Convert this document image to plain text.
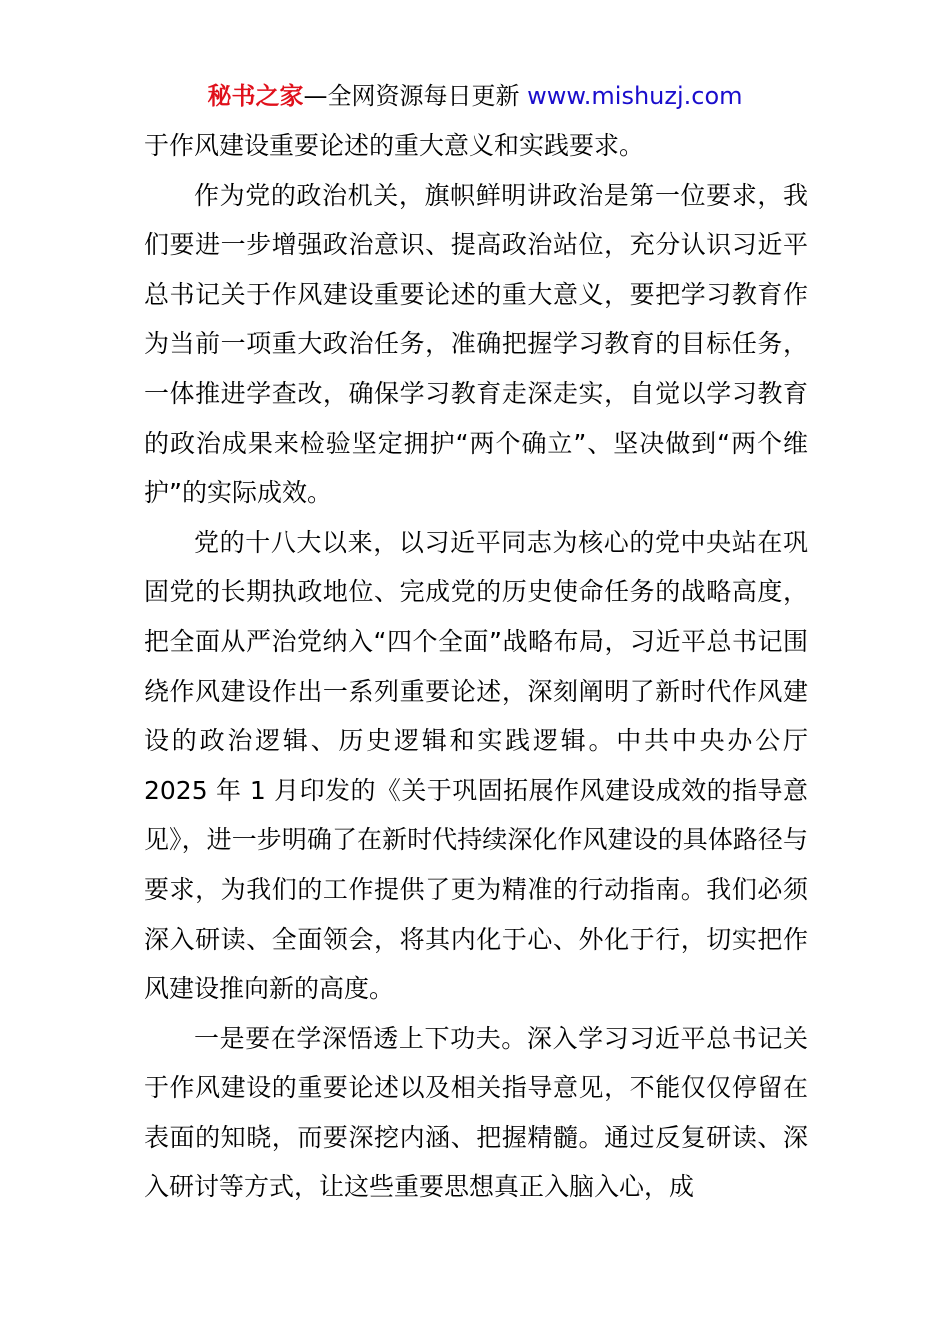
秘书之家—全网资源每日更新 www.mishuzj.com

于作风建设重要论述的重大意义和实践要求。

作为党的政治机关，旗帜鲜明讲政治是第一位要求，我们要进一步增强政治意识、提高政治站位，充分认识习近平总书记关于作风建设重要论述的重大意义，要把学习教育作为当前一项重大政治任务，准确把握学习教育的目标任务，一体推进学查改，确保学习教育走深走实，自觉以学习教育的政治成果来检验坚定拥护“两个确立”、坚决做到“两个维护”的实际成效。

党的十八大以来，以习近平同志为核心的党中央站在巩固党的长期执政地位、完成党的历史使命任务的战略高度，把全面从严治党纳入“四个全面”战略布局，习近平总书记围绕作风建设作出一系列重要论述，深刻阐明了新时代作风建设的政治逻辑、历史逻辑和实践逻辑。中共中央办公厅 2025 年 1 月印发的《关于巩固拓展作风建设成效的指导意见》，进一步明确了在新时代持续深化作风建设的具体路径与要求，为我们的工作提供了更为精准的行动指南。我们必须深入研读、全面领会，将其内化于心、外化于行，切实把作风建设推向新的高度。

一是要在学深悟透上下功夫。深入学习习近平总书记关于作风建设的重要论述以及相关指导意见，不能仅仅停留在表面的知晓，而要深挖内涵、把握精髓。通过反复研读、深入研讨等方式，让这些重要思想真正入脑入心，成
